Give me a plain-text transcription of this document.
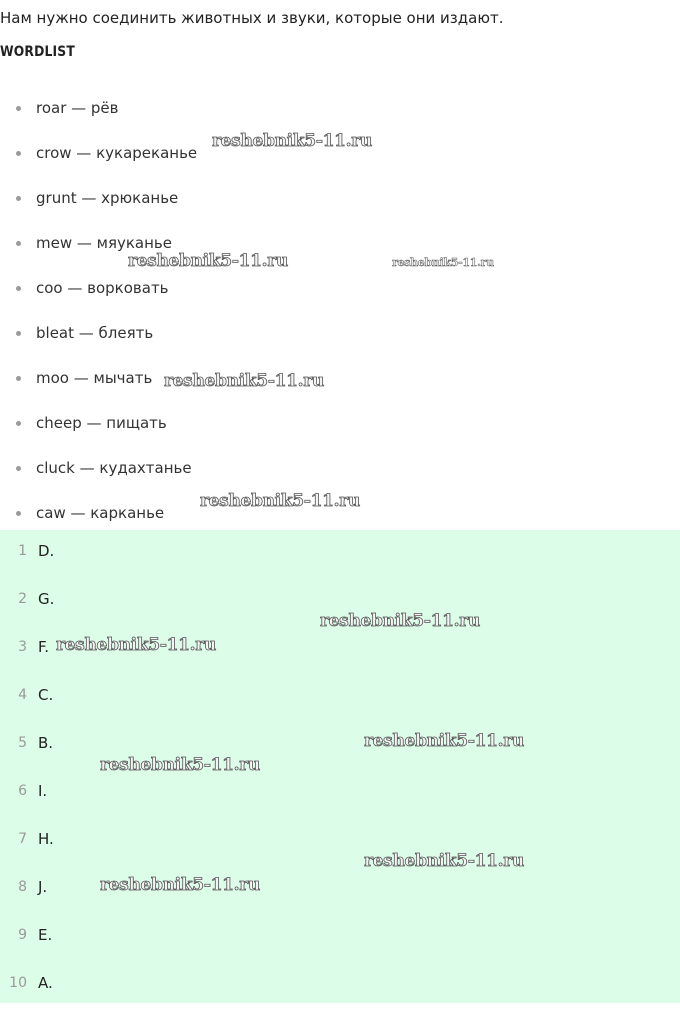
Нам нужно соединить животных и звуки, которые они издают.
WORDLIST
roar — рёв
crow — кукареканье
grunt — хрюканье
mew — мяуканье
coo — ворковать
bleat — блеять
moo — мычать
cheep — пищать
cluck — кудахтанье
caw — карканье
1 D.
2 G.
3 F.
4 C.
5 B.
6 I.
7 H.
8 J.
9 E.
10 A.
reshebnik5-11.ru
reshebnik5-11.ru	reshebnik5-11.ru
reshebnik5-11.ru
reshebnik5-11.ru
reshebnik5-11.ru
reshebnik5-11.ru
reshebnik5-11.ru
reshebnik5-11.ru
reshebnik5-11.ru
reshebnik5-11.ru
